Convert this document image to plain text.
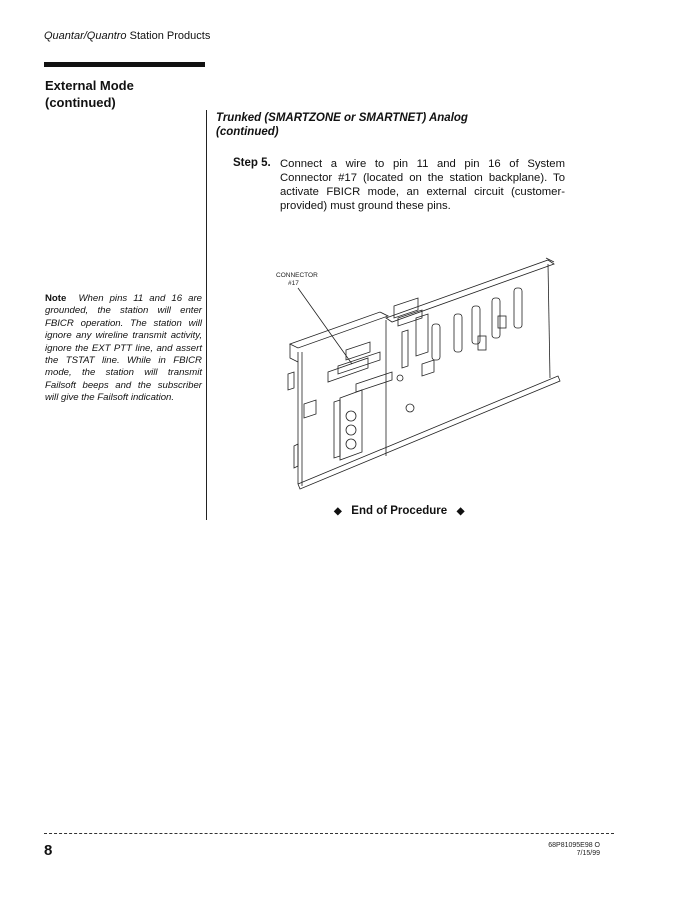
Quantar/Quantro Station Products
External Mode
(continued)
Trunked (SMARTZONE or SMARTNET) Analog
(continued)
Step 5. Connect a wire to pin 11 and pin 16 of System Connector #17 (located on the station backplane). To activate FBICR mode, an external circuit (customer-provided) must ground these pins.
Note When pins 11 and 16 are grounded, the station will enter FBICR operation. The station will ignore any wireline transmit activity, ignore the EXT PTT line, and assert the TSTAT line. While in FBICR mode, the station will transmit Failsoft beeps and the subscriber will give the Failsoft indication.
CONNECTOR
#17
◆ End of Procedure ◆
8	68P81095E98 O
7/15/99
